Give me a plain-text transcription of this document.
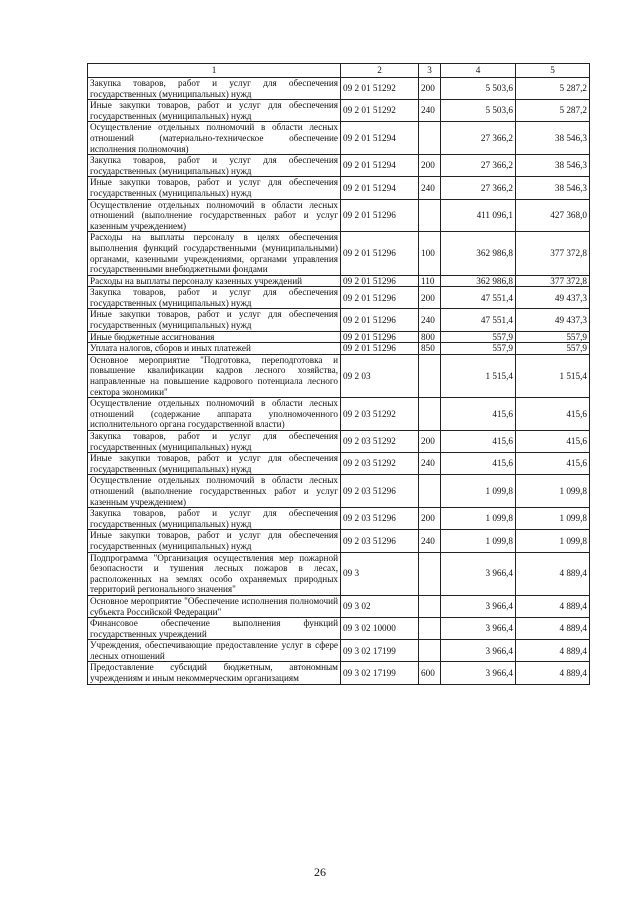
1	2	3	4	5
Закупка товаров, работ и услуг для обеспечения государственных (муниципальных) нужд	09 2 01 51292	200	5 503,6	5 287,2
Иные закупки товаров, работ и услуг для обеспечения государственных (муниципальных) нужд	09 2 01 51292	240	5 503,6	5 287,2
Осуществление отдельных полномочий в области лесных отношений (материально-техническое обеспечение исполнения полномочия)	09 2 01 51294		27 366,2	38 546,3
Закупка товаров, работ и услуг для обеспечения государственных (муниципальных) нужд	09 2 01 51294	200	27 366,2	38 546,3
Иные закупки товаров, работ и услуг для обеспечения государственных (муниципальных) нужд	09 2 01 51294	240	27 366,2	38 546,3
Осуществление отдельных полномочий в области лесных отношений (выполнение государственных работ и услуг казенным учреждением)	09 2 01 51296		411 096,1	427 368,0
Расходы на выплаты персоналу в целях обеспечения выполнения функций государственными (муниципальными) органами, казенными учреждениями, органами управления государственными внебюджетными фондами	09 2 01 51296	100	362 986,8	377 372,8
Расходы на выплаты персоналу казенных учреждений	09 2 01 51296	110	362 986,8	377 372,8
Закупка товаров, работ и услуг для обеспечения государственных (муниципальных) нужд	09 2 01 51296	200	47 551,4	49 437,3
Иные закупки товаров, работ и услуг для обеспечения государственных (муниципальных) нужд	09 2 01 51296	240	47 551,4	49 437,3
Иные бюджетные ассигнования	09 2 01 51296	800	557,9	557,9
Уплата налогов, сборов и иных платежей	09 2 01 51296	850	557,9	557,9
Основное мероприятие "Подготовка, переподготовка и повышение квалификации кадров лесного хозяйства, направленные на повышение кадрового потенциала лесного сектора экономики"	09 2 03		1 515,4	1 515,4
Осуществление отдельных полномочий в области лесных отношений (содержание аппарата уполномоченного исполнительного органа государственной власти)	09 2 03 51292		415,6	415,6
Закупка товаров, работ и услуг для обеспечения государственных (муниципальных) нужд	09 2 03 51292	200	415,6	415,6
Иные закупки товаров, работ и услуг для обеспечения государственных (муниципальных) нужд	09 2 03 51292	240	415,6	415,6
Осуществление отдельных полномочий в области лесных отношений (выполнение государственных работ и услуг казенным учреждением)	09 2 03 51296		1 099,8	1 099,8
Закупка товаров, работ и услуг для обеспечения государственных (муниципальных) нужд	09 2 03 51296	200	1 099,8	1 099,8
Иные закупки товаров, работ и услуг для обеспечения государственных (муниципальных) нужд	09 2 03 51296	240	1 099,8	1 099,8
Подпрограмма "Организация осуществления мер пожарной безопасности и тушения лесных пожаров в лесах, расположенных на землях особо охраняемых природных территорий регионального значения"	09 3		3 966,4	4 889,4
Основное мероприятие "Обеспечение исполнения полномочий субъекта Российской Федерации"	09 3 02		3 966,4	4 889,4
Финансовое обеспечение выполнения функций государственных учреждений	09 3 02 10000		3 966,4	4 889,4
Учреждения, обеспечивающие предоставление услуг в сфере лесных отношений	09 3 02 17199		3 966,4	4 889,4
Предоставление субсидий бюджетным, автономным учреждениям и иным некоммерческим организациям	09 3 02 17199	600	3 966,4	4 889,4
26
